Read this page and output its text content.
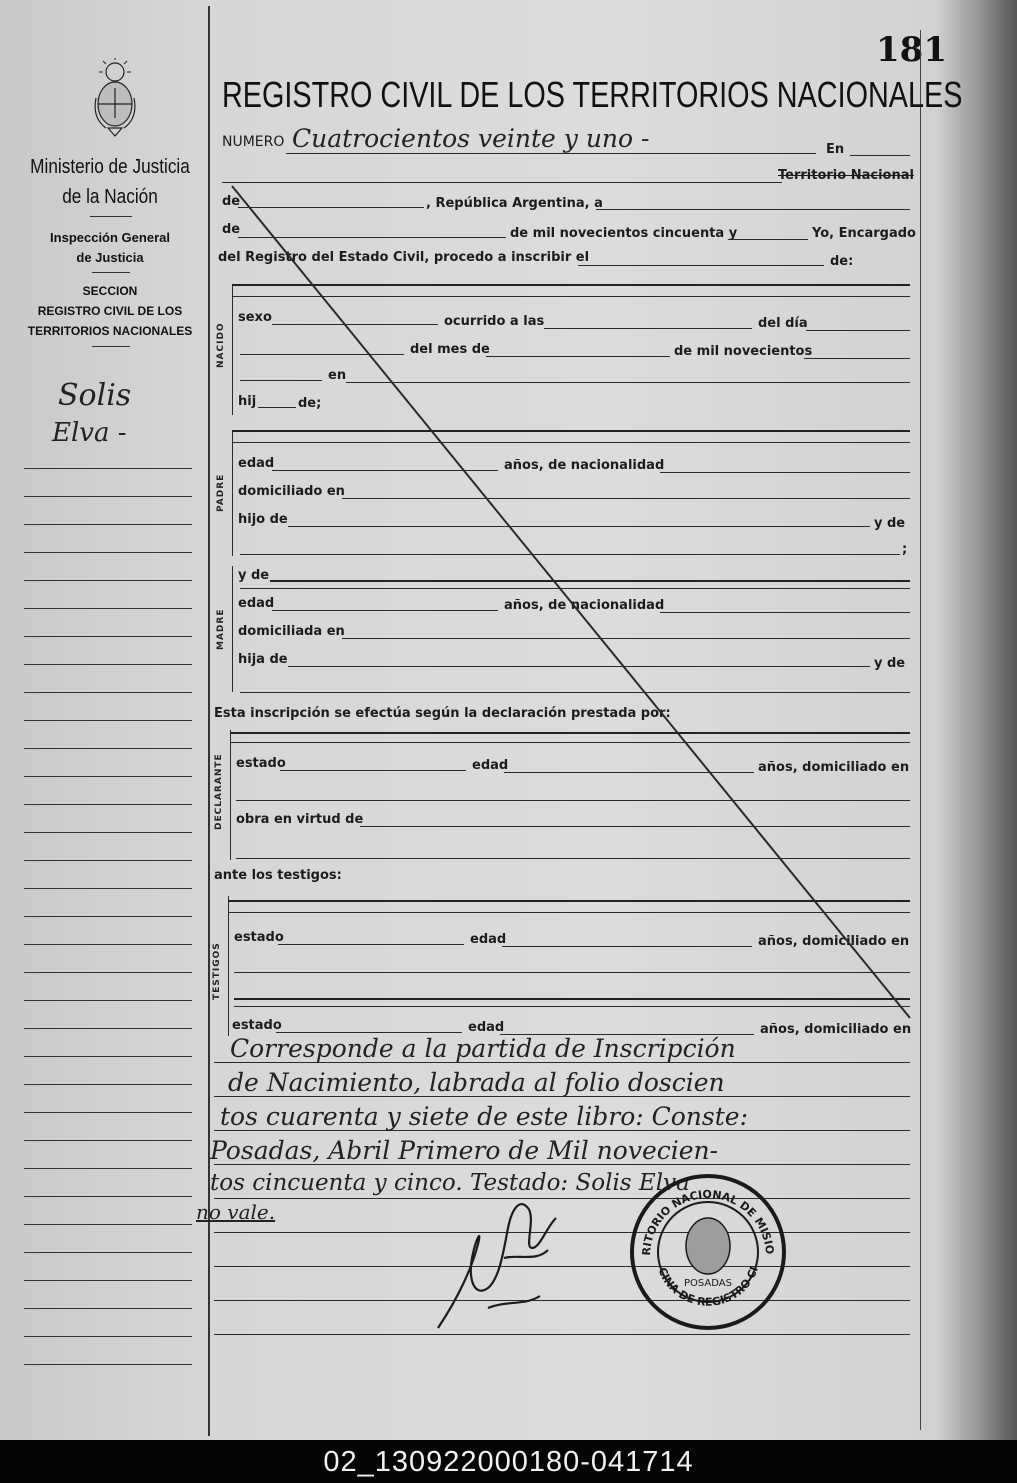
181
Ministerio de Justicia
de la Nación
Inspección General
de Justicia
SECCION
REGISTRO CIVIL DE LOS
TERRITORIOS NACIONALES
Solis
Elva -
REGISTRO CIVIL DE LOS TERRITORIOS NACIONALES
NUMERO Cuatrocientos veinte y uno -	En
Territorio Nacional
de	, República Argentina, a
de	de mil novecientos cincuenta y	Yo, Encargado
del Registro del Estado Civil, procedo a inscribir el	de:
NACIDO
sexo	ocurrido a las	del día
del mes de	de mil novecientos
en
hij	de;
PADRE
edad	años, de nacionalidad
domiciliado en
hijo de	y de
;
y de
MADRE
edad	años, de nacionalidad
domiciliada en
hija de	y de
Esta inscripción se efectúa según la declaración prestada por:
DECLARANTE estado	edad	años, domiciliado en
obra en virtud de
ante los testigos:
TESTIGOS
estado	edad	años, domiciliado en
estado	edad	años, domiciliado en
Corresponde a la partida de Inscripción
de Nacimiento, labrada al folio doscien
tos cuarenta y siete de este libro: Conste:
Posadas, Abril Primero de Mil novecien-
tos cincuenta y cinco. Testado: Solis Elva
no vale.
RITORIO NACIONAL DE MISIO
CINA DE REGISTRO CI
POSADAS
02_130922000180-041714
